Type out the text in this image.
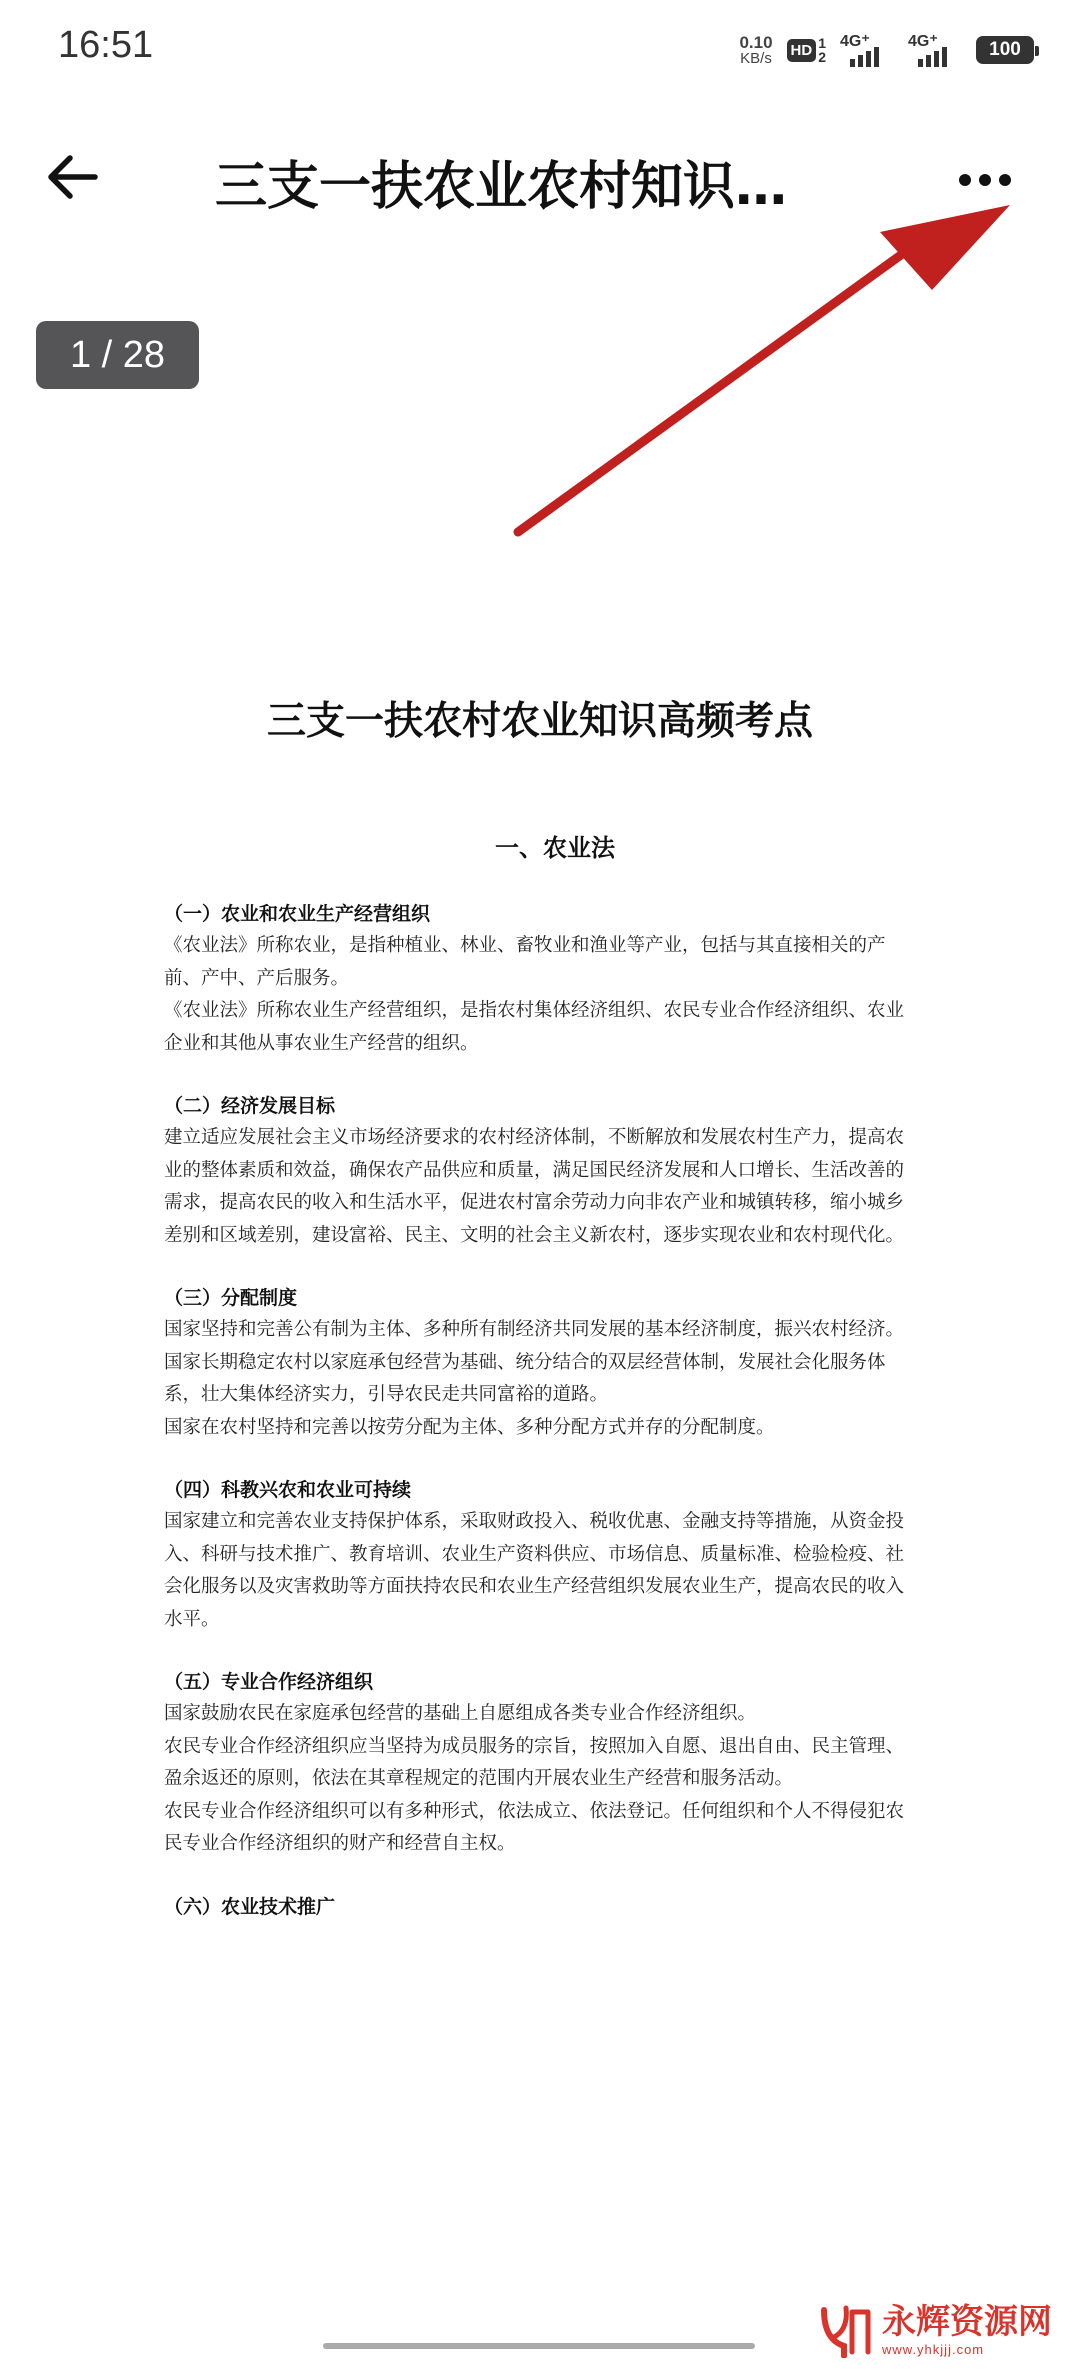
16:51	0.10
KB/s HD 1
2
4G⁺ 4G⁺	100
三支一扶农业农村知识…
1 / 28
三支一扶农村农业知识高频考点
一、农业法
（一）农业和农业生产经营组织
《农业法》所称农业，是指种植业、林业、畜牧业和渔业等产业，包括与其直接相关的产前、产中、产后服务。
《农业法》所称农业生产经营组织，是指农村集体经济组织、农民专业合作经济组织、农业企业和其他从事农业生产经营的组织。
（二）经济发展目标
建立适应发展社会主义市场经济要求的农村经济体制，不断解放和发展农村生产力，提高农业的整体素质和效益，确保农产品供应和质量，满足国民经济发展和人口增长、生活改善的需求，提高农民的收入和生活水平，促进农村富余劳动力向非农产业和城镇转移，缩小城乡差别和区域差别，建设富裕、民主、文明的社会主义新农村，逐步实现农业和农村现代化。
（三）分配制度
国家坚持和完善公有制为主体、多种所有制经济共同发展的基本经济制度，振兴农村经济。
国家长期稳定农村以家庭承包经营为基础、统分结合的双层经营体制，发展社会化服务体系，壮大集体经济实力，引导农民走共同富裕的道路。
国家在农村坚持和完善以按劳分配为主体、多种分配方式并存的分配制度。
（四）科教兴农和农业可持续
国家建立和完善农业支持保护体系，采取财政投入、税收优惠、金融支持等措施，从资金投入、科研与技术推广、教育培训、农业生产资料供应、市场信息、质量标准、检验检疫、社会化服务以及灾害救助等方面扶持农民和农业生产经营组织发展农业生产，提高农民的收入水平。
（五）专业合作经济组织
国家鼓励农民在家庭承包经营的基础上自愿组成各类专业合作经济组织。
农民专业合作经济组织应当坚持为成员服务的宗旨，按照加入自愿、退出自由、民主管理、盈余返还的原则，依法在其章程规定的范围内开展农业生产经营和服务活动。
农民专业合作经济组织可以有多种形式，依法成立、依法登记。任何组织和个人不得侵犯农民专业合作经济组织的财产和经营自主权。
（六）农业技术推广
永辉资源网
www.yhkjjj.com
